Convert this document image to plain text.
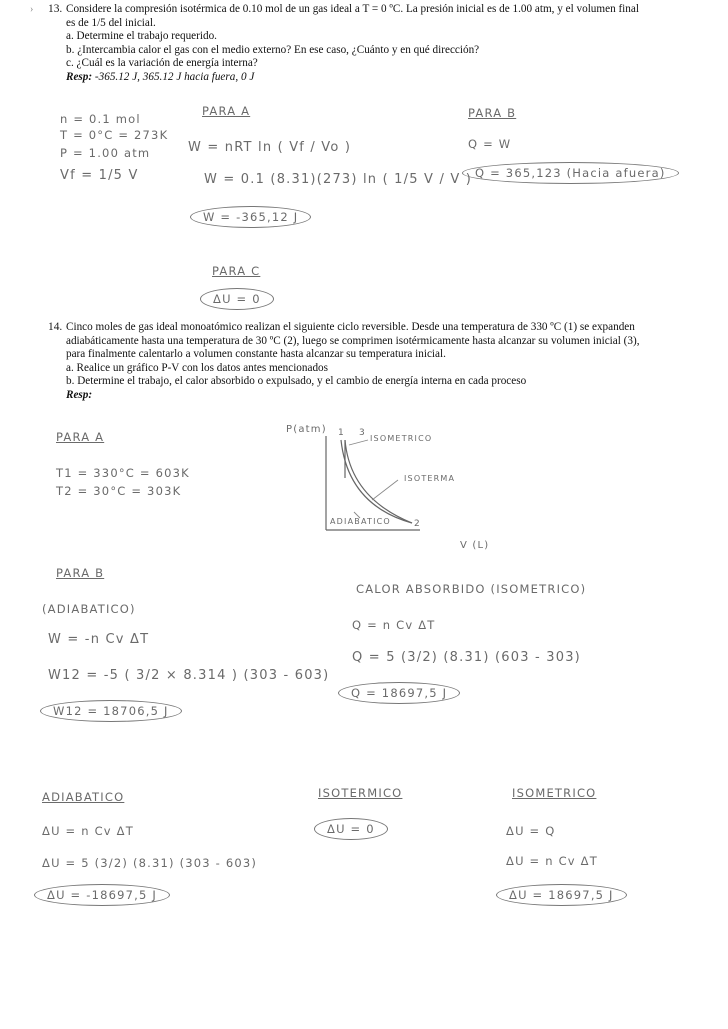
› 13. Considere la compresión isotérmica de 0.10 mol de un gas ideal a T = 0 ºC. La presión inicial es de 1.00 atm, y el volumen final
es de 1/5 del inicial.
a. Determine el trabajo requerido.
b. ¿Intercambia calor el gas con el medio externo? En ese caso, ¿Cuánto y en qué dirección?
c. ¿Cuál es la variación de energía interna?
Resp: -365.12 J, 365.12 J hacia fuera, 0 J
n = 0.1 mol
T = 0°C = 273K
P = 1.00 atm
Vf = 1/5 V
PARA A
W = nRT ln ( Vf / Vo )
W = 0.1 (8.31)(273) ln ( 1/5 V / V )
W = -365,12 J
PARA B
Q = W
Q = 365,123 (Hacia afuera)
PARA C
ΔU = 0
14. Cinco moles de gas ideal monoatómico realizan el siguiente ciclo reversible. Desde una temperatura de 330 ºC (1) se expanden
adiabáticamente hasta una temperatura de 30 ºC (2), luego se comprimen isotérmicamente hasta alcanzar su volumen inicial (3),
para finalmente calentarlo a volumen constante hasta alcanzar su temperatura inicial.
a. Realice un gráfico P-V con los datos antes mencionados
b. Determine el trabajo, el calor absorbido o expulsado, y el cambio de energía interna en cada proceso
Resp:
PARA A
T1 = 330°C = 603K
T2 = 30°C = 303K
P(atm) 1 3
2
ISOMETRICO
ISOTERMA
ADIABATICO
V (L)
PARA B
(ADIABATICO)
W = -n Cv ΔT
W12 = -5 ( 3/2 × 8.314 ) (303 - 603)
W12 = 18706,5 J
CALOR ABSORBIDO (ISOMETRICO)
Q = n Cv ΔT
Q = 5 (3/2) (8.31) (603 - 303)
Q = 18697,5 J
ADIABATICO
ΔU = n Cv ΔT
ΔU = 5 (3/2) (8.31) (303 - 603)
ΔU = -18697,5 J
ISOTERMICO
ΔU = 0
ISOMETRICO
ΔU = Q
ΔU = n Cv ΔT
ΔU = 18697,5 J
